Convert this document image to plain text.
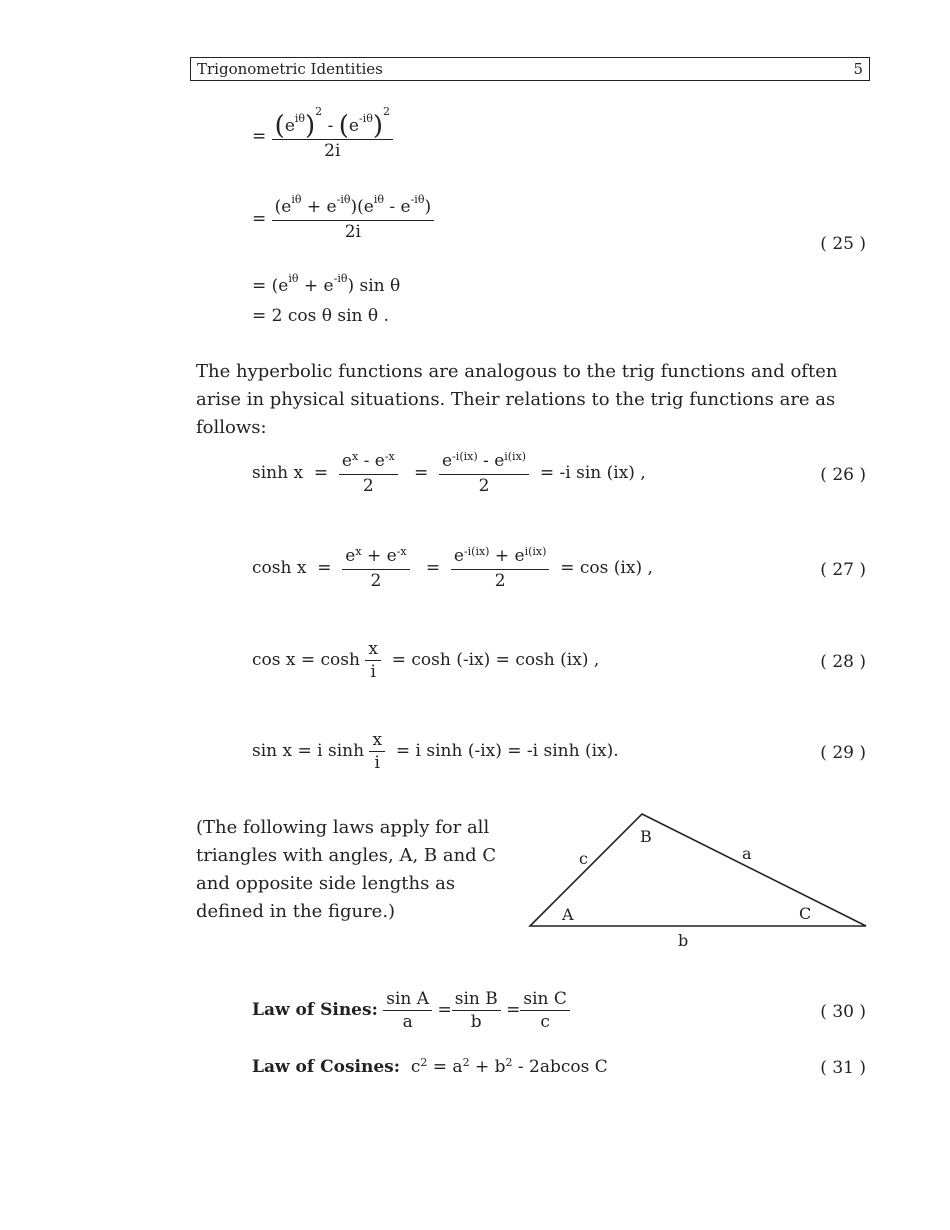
Trigonometric Identities	5
= $\frac{(e^{i\theta})^2 - (e^{-i\theta})^2}{2i}$
= $\frac{(e^{i\theta} + e^{-i\theta})(e^{i\theta} - e^{-i\theta})}{2i}$
= $(e^{i\theta} + e^{-i\theta})$ sin θ
= 2 cos θ sin θ .
( 25 )
The hyperbolic functions are analogous to the trig functions and often arise in physical situations. Their relations to the trig functions are as follows:
$\sinh x = \frac{e^x - e^{-x}}{2} = \frac{e^{-i(ix)} - e^{i(ix)}}{2} = -i$ sin (ix) ,	( 26 )
$\cosh x = \frac{e^x + e^{-x}}{2} = \frac{e^{-i(ix)} + e^{i(ix)}}{2} = \cos (ix)$ ,	( 27 )
$\cos x = \cosh \frac{x}{i} = \cosh (-ix) = \cosh (ix)$ ,	( 28 )
sin x = i $\sinh \frac{x}{i} = i$ sinh (-ix) = -i sinh (ix).	( 29 )
(The following laws apply for all triangles with angles, A, B and C and opposite side lengths as defined in the figure.)	A
B
C
a
b
c
Law of Sines: $\frac{\text{sin A}}{a} = \frac{\text{sin B}}{b} = \frac{\text{sin C}}{c}$	( 30 )
Law of Cosines: $c^2 = a^2 + b^2 - 2abcos$ C	( 31 )
